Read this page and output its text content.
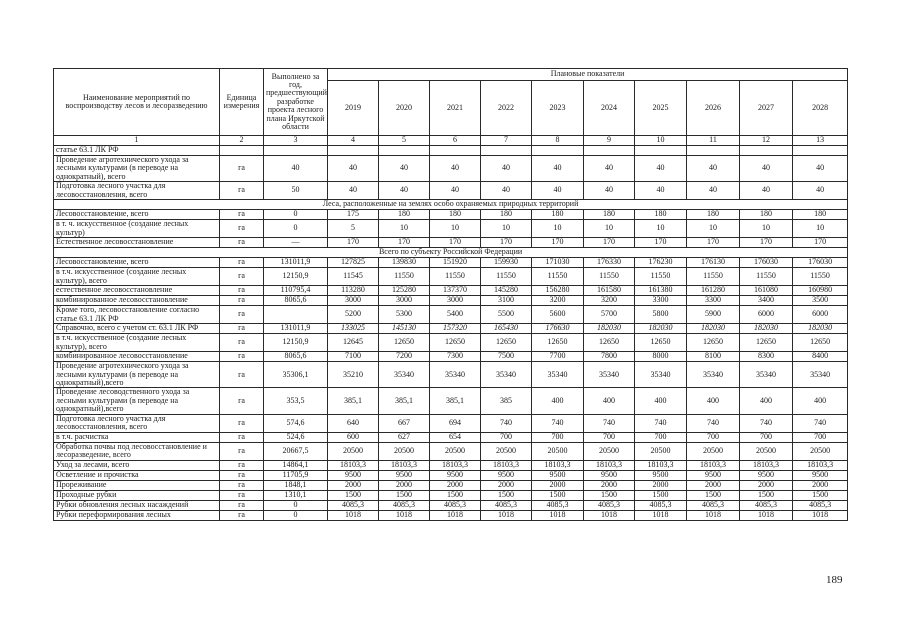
Наименование мероприятий по воспроизводству лесов и лесоразведению	Единица измерения	Выполнено за год, предшествующий разработке проекта лесного плана Иркутской области	Плановые показатели									
			2019	2020	2021	2022	2023	2024	2025	2026	2027	2028
1	2	3	4	5	6	7	8	9	10	11	12	13
статье 63.1 ЛК РФ												
Проведение агротехнического ухода за лесными культурами (в переводе на однократный), всего	га	40	40	40	40	40	40	40	40	40	40	40
Подготовка лесного участка для лесовосстановления, всего	га	50	40	40	40	40	40	40	40	40	40	40
Леса, расположенные на землях особо охраняемых природных территорий												
Лесовосстановление, всего	га	0	175	180	180	180	180	180	180	180	180	180
в т. ч. искусственное (создание лесных культур)	га	0	5	10	10	10	10	10	10	10	10	10
Естественное лесовосстановление	га	—	170	170	170	170	170	170	170	170	170	170
Всего по субъекту Российской Федерации												
Лесовосстановление, всего	га	131011,9	127825	139830	151920	159930	171030	176330	176230	176130	176030	176030
в т.ч. искусственное (создание лесных культур), всего	га	12150,9	11545	11550	11550	11550	11550	11550	11550	11550	11550	11550
естественное лесовосстановление	га	110795,4	113280	125280	137370	145280	156280	161580	161380	161280	161080	160980
комбинированное лесовосстановление	га	8065,6	3000	3000	3000	3100	3200	3200	3300	3300	3400	3500
Кроме того, лесовосстановление согласно статье 63.1 ЛК РФ	га		5200	5300	5400	5500	5600	5700	5800	5900	6000	6000
Справочно, всего с учетом ст. 63.1 ЛК РФ	га	131011,9	133025	145130	157320	165430	176630	182030	182030	182030	182030	182030
в т.ч. искусственное (создание лесных культур), всего	га	12150,9	12645	12650	12650	12650	12650	12650	12650	12650	12650	12650
комбинированное лесовосстановление	га	8065,6	7100	7200	7300	7500	7700	7800	8000	8100	8300	8400
Проведение агротехнического ухода за лесными культурами (в переводе на однократный),всего	га	35306,1	35210	35340	35340	35340	35340	35340	35340	35340	35340	35340
Проведение лесоводственного ухода за лесными культурами (в переводе на однократный),всего	га	353,5	385,1	385,1	385,1	385	400	400	400	400	400	400
Подготовка лесного участка для лесовосстановления, всего	га	574,6	640	667	694	740	740	740	740	740	740	740
в т.ч. расчистка	га	524,6	600	627	654	700	700	700	700	700	700	700
Обработка почвы под лесовосстановление и лесоразведение, всего	га	20667,5	20500	20500	20500	20500	20500	20500	20500	20500	20500	20500
Уход за лесами, всего	га	14864,1	18103,3	18103,3	18103,3	18103,3	18103,3	18103,3	18103,3	18103,3	18103,3	18103,3
Осветление и прочистка	га	11705,9	9500	9500	9500	9500	9500	9500	9500	9500	9500	9500
Прореживание	га	1848,1	2000	2000	2000	2000	2000	2000	2000	2000	2000	2000
Проходные рубки	га	1310,1	1500	1500	1500	1500	1500	1500	1500	1500	1500	1500
Рубки обновления лесных насаждений	га	0	4085,3	4085,3	4085,3	4085,3	4085,3	4085,3	4085,3	4085,3	4085,3	4085,3
Рубки переформирования лесных	га	0	1018	1018	1018	1018	1018	1018	1018	1018	1018	1018
189
